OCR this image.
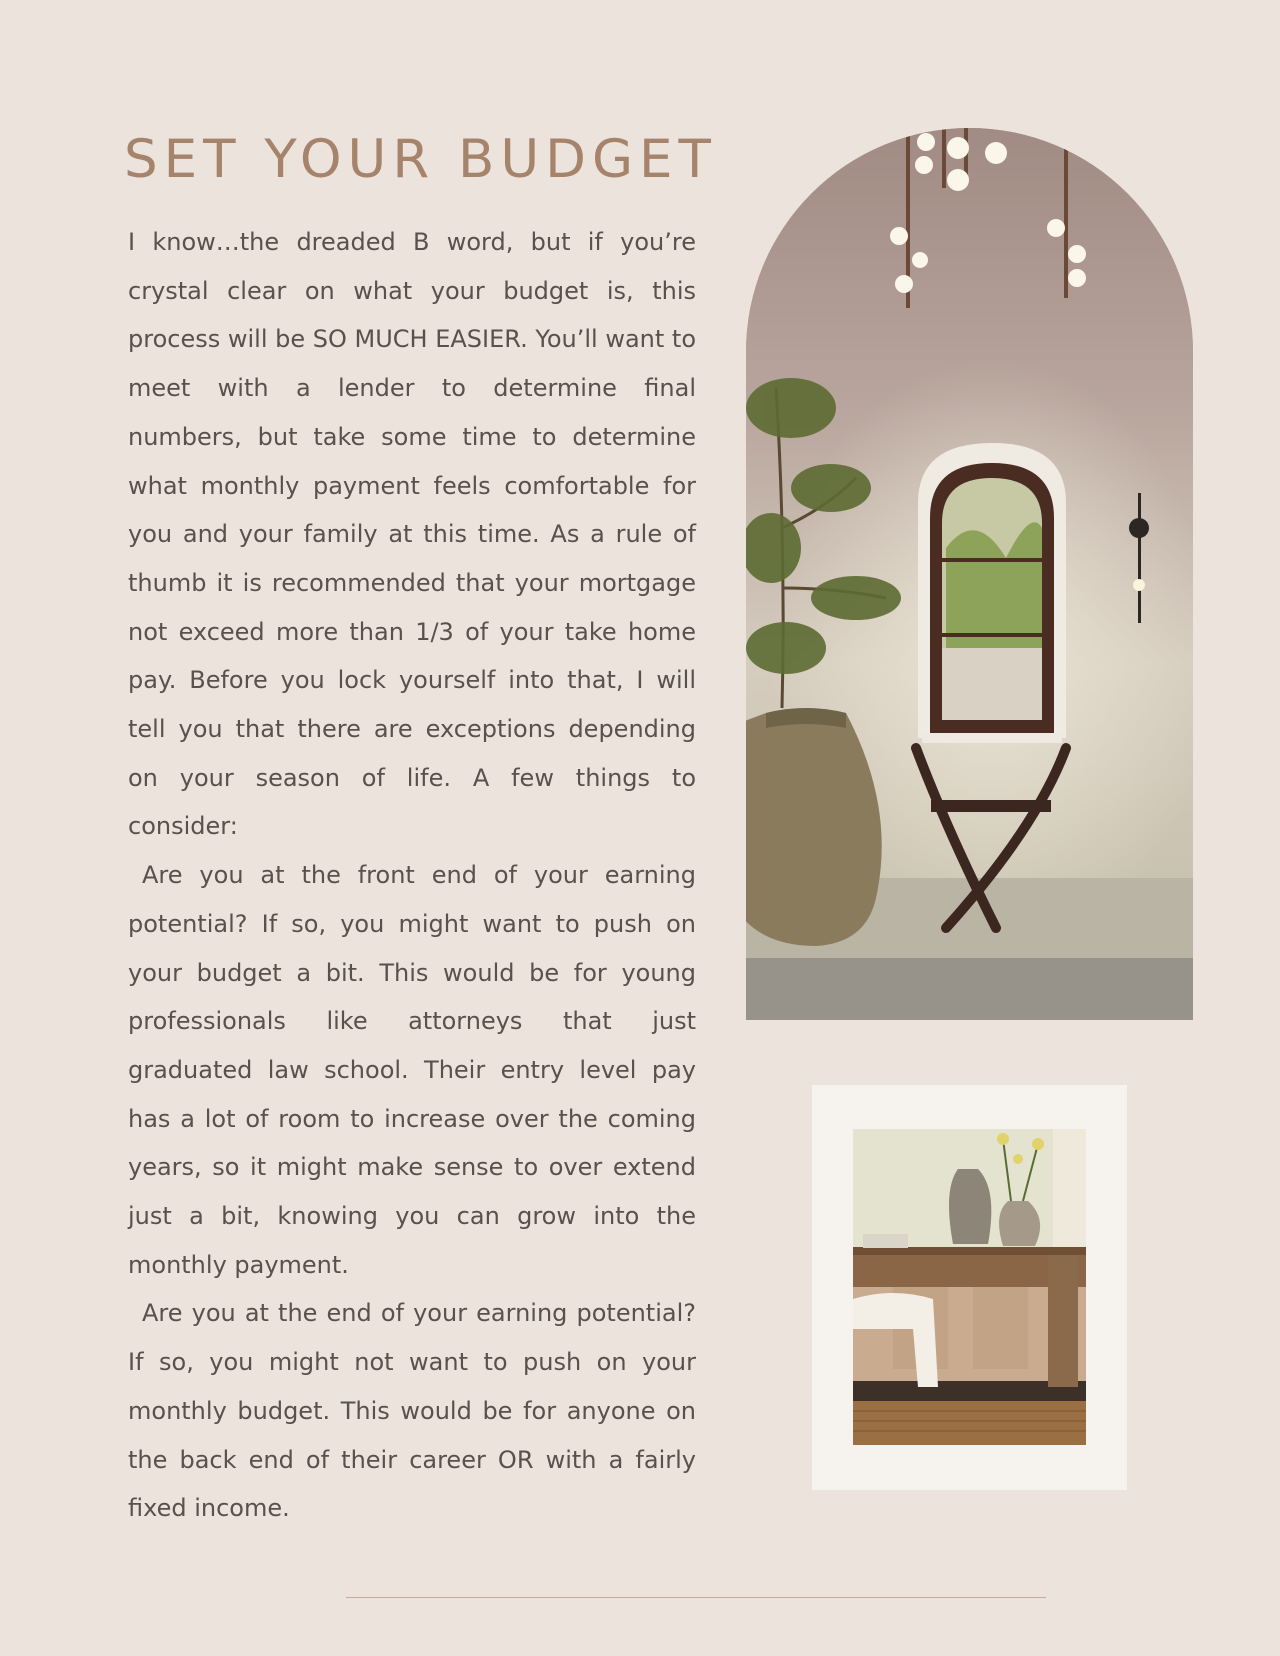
SET YOUR BUDGET

I know…the dreaded B word, but if you’re crystal clear on what your budget is, this process will be SO MUCH EASIER. You’ll want to meet with a lender to determine final numbers, but take some time to determine what monthly payment feels comfortable for you and your family at this time. As a rule of thumb it is recommended that your mortgage not exceed more than 1/3 of your take home pay. Before you lock yourself into that, I will tell you that there are exceptions depending on your season of life. A few things to consider:

Are you at the front end of your earning potential? If so, you might want to push on your budget a bit. This would be for young professionals like attorneys that just graduated law school. Their entry level pay has a lot of room to increase over the coming years, so it might make sense to over extend just a bit, knowing you can grow into the monthly payment.

Are you at the end of your earning potential? If so, you might not want to push on your monthly budget. This would be for anyone on the back end of their career OR with a fairly fixed income.
